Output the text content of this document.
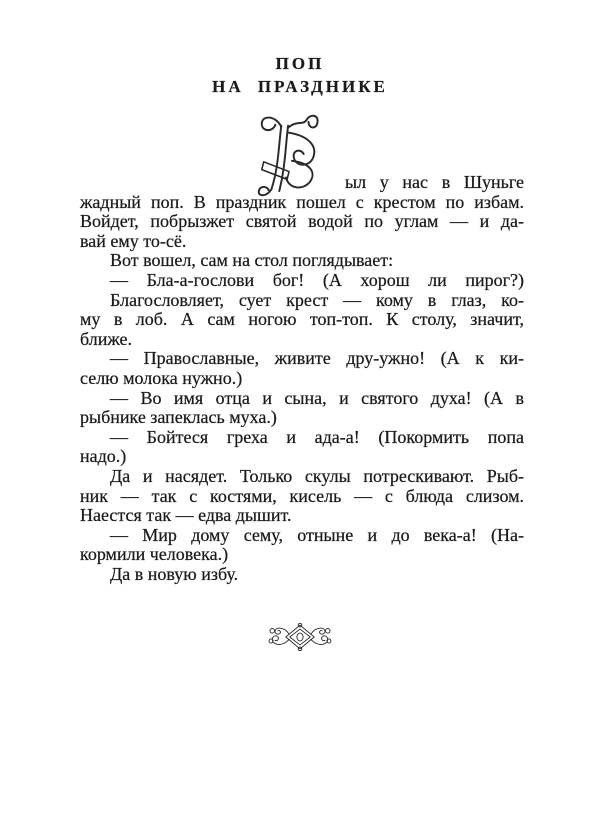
ПОП
НА ПРАЗДНИКЕ
ыл у нас в Шуньге
жадный поп. В праздник пошел с крестом по избам.
Войдет, побрызжет святой водой по углам — и да-
вай ему то-сё.
Вот вошел, сам на стол поглядывает:
— Бла-а-гослови бог! (А хорош ли пирог?)
Благословляет, сует крест — кому в глаз, ко-
му в лоб. А сам ногою топ-топ. К столу, значит,
ближе.
— Православные, живите дру-ужно! (А к ки-
селю молока нужно.)
— Во имя отца и сына, и святого духа! (А в
рыбнике запеклась муха.)
— Бойтеся греха и ада-а! (Покормить попа
надо.)
Да и насядет. Только скулы потрескивают. Рыб-
ник — так с костями, кисель — с блюда слизом.
Наестся так — едва дышит.
— Мир дому сему, отныне и до века-а! (На-
кормили человека.)
Да в новую избу.
